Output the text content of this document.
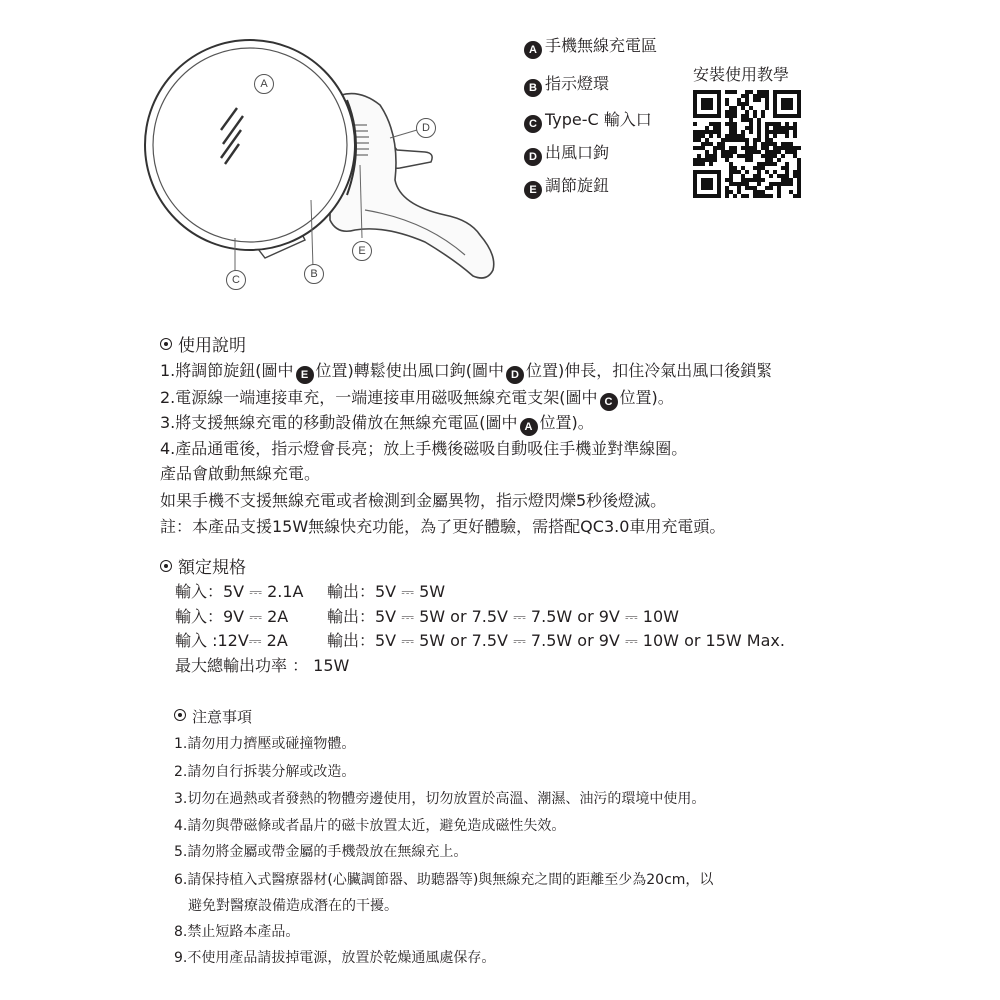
A
D
E
C	B
A 手機無線充電區
B 指示燈環
C Type-C 輸入口
D 出風口鉤
E 調節旋鈕
安裝使用教學
使用說明
1.將調節旋鈕(圖中 E 位置)轉鬆使出風口鉤(圖中 D 位置)伸長，扣住冷氣出風口後鎖緊
2.電源線一端連接車充，一端連接車用磁吸無線充電支架(圖中 C 位置)。
3.將支援無線充電的移動設備放在無線充電區(圖中 A 位置)。
4.產品通電後，指示燈會長亮；放上手機後磁吸自動吸住手機並對準線圈。
產品會啟動無線充電。
如果手機不支援無線充電或者檢測到金屬異物，指示燈閃爍5秒後燈滅。
註：本產品支援15W無線快充功能，為了更好體驗，需搭配QC3.0車用充電頭。
額定規格
輸入：5V ⎓ 2.1A 輸出：5V ⎓ 5W
輸入：9V ⎓ 2A 輸出：5V ⎓ 5W or 7.5V ⎓ 7.5W or 9V ⎓ 10W
輸入 :12V⎓ 2A 輸出：5V ⎓ 5W or 7.5V ⎓ 7.5W or 9V ⎓ 10W or 15W Max.
最大總輸出功率 ： 15W
注意事項
1.請勿用力擠壓或碰撞物體。
2.請勿自行拆裝分解或改造。
3.切勿在過熱或者發熱的物體旁邊使用，切勿放置於高溫、潮濕、油污的環境中使用。
4.請勿與帶磁條或者晶片的磁卡放置太近，避免造成磁性失效。
5.請勿將金屬或帶金屬的手機殼放在無線充上。
6.請保持植入式醫療器材(心臟調節器、助聽器等)與無線充之間的距離至少為20cm，以
避免對醫療設備造成潛在的干擾。
8.禁止短路本產品。
9.不使用產品請拔掉電源，放置於乾燥通風處保存。
